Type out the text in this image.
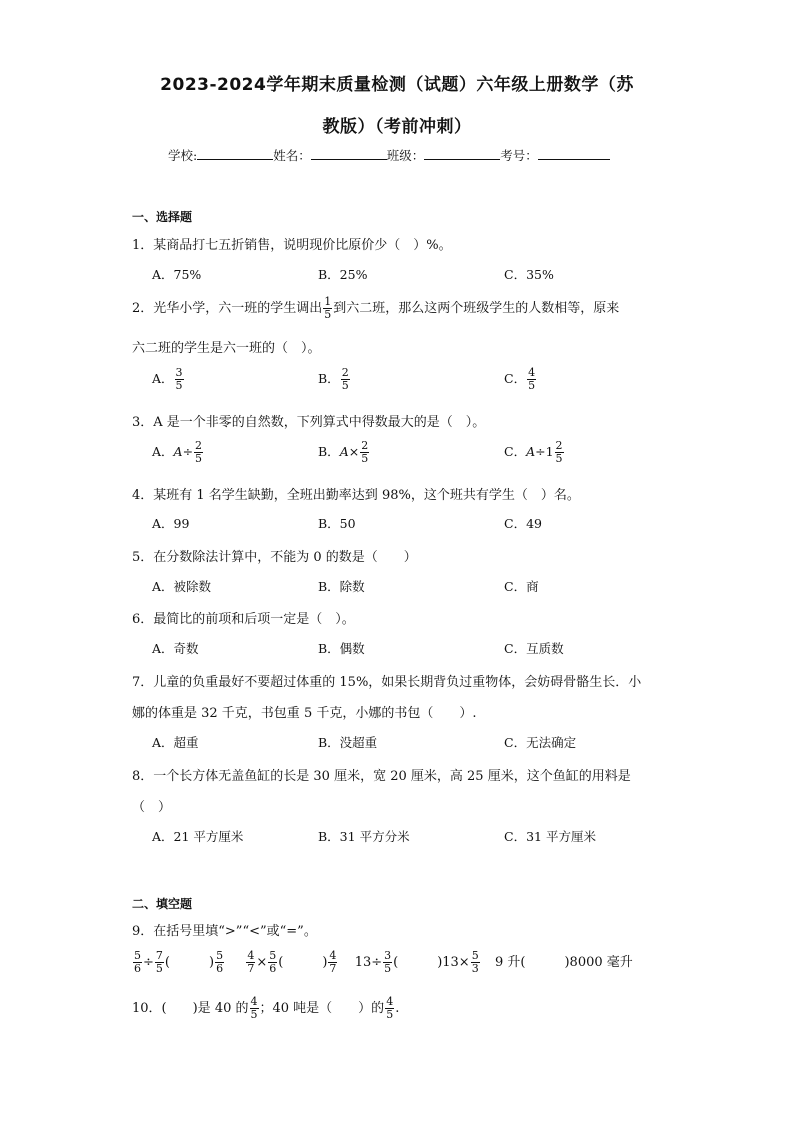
2023-2024学年期末质量检测（试题）六年级上册数学（苏
教版）（考前冲刺）
学校:	姓名：	班级：	考号：
一、选择题
1．某商品打七五折销售，说明现价比原价少（　）%。
A．75%	B．25%	C．35%
2．光华小学，六一班的学生调出 $\frac{1}{5}$ 到六二班，那么这两个班级学生的人数相等，原来
六二班的学生是六一班的（　）。
A． $\frac{3}{5}$	B． $\frac{2}{5}$	C． $\frac{4}{5}$
3．A 是一个非零的自然数，下列算式中得数最大的是（　）。
A．$A\div \frac{2}{5}$	B．$A\times \frac{2}{5}$	C．$A\div 1 \frac{2}{5}$
4．某班有 1 名学生缺勤，全班出勤率达到 98%，这个班共有学生（　）名。
A．99	B．50	C．49
5．在分数除法计算中，不能为 0 的数是（　　）
A．被除数	B．除数	C．商
6．最简比的前项和后项一定是（　）。
A．奇数	B．偶数	C．互质数
7．儿童的负重最好不要超过体重的 15%，如果长期背负过重物体，会妨碍骨骼生长．小
娜的体重是 32 千克，书包重 5 千克，小娜的书包（　　）.
A．超重	B．没超重	C．无法确定
8．一个长方体无盖鱼缸的长是 30 厘米，宽 20 厘米，高 25 厘米，这个鱼缸的用料是
（　）
A．21 平方厘米	B．31 平方分米	C．31 平方厘米
二、填空题
9．在括号里填“>”“<”或“=”。
$\frac{5}{6} \div \frac{7}{5}$ (　　　) $\frac{5}{6}$
$\frac{4}{7} \times \frac{5}{6}$ (　　　) $\frac{4}{7} 13\div \frac{3}{5}$ (　　　)$13\times \frac{5}{3} 9$ 升(　　　)8000 毫升
10．(　　)是 40 的 $\frac{4}{5}$ ；40 吨是（　　）的 $\frac{4}{5}$ .
